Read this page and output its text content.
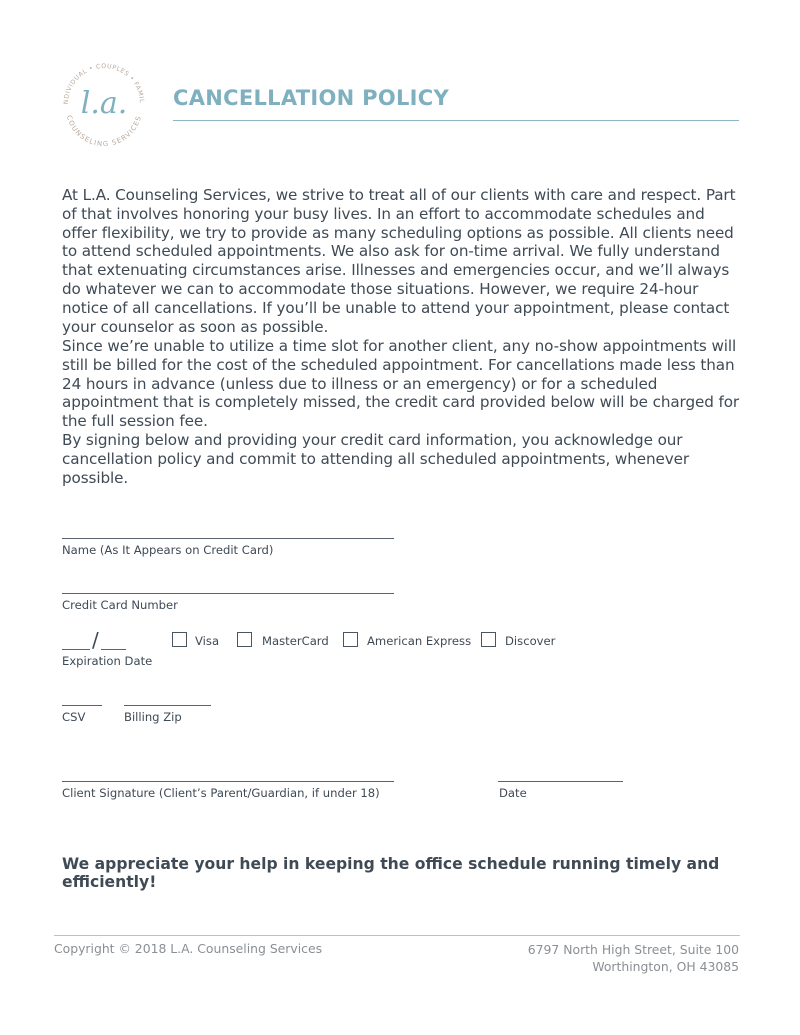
NDIVIDUAL • COUPLES • FAMIL
COUNSELING SERVICES
l.a. CANCELLATION POLICY
At L.A. Counseling Services, we strive to treat all of our clients with care and respect. Part of that involves honoring your busy lives. In an effort to accommodate schedules and offer flexibility, we try to provide as many scheduling options as possible. All clients need to attend scheduled appointments. We also ask for on-time arrival. We fully understand that extenuating circumstances arise. Illnesses and emergencies occur, and we’ll always do whatever we can to accommodate those situations. However, we require 24-hour notice of all cancellations. If you’ll be unable to attend your appointment, please contact your counselor as soon as possible.
Since we’re unable to utilize a time slot for another client, any no-show appointments will still be billed for the cost of the scheduled appointment. For cancellations made less than 24 hours in advance (unless due to illness or an emergency) or for a scheduled appointment that is completely missed, the credit card provided below will be charged for the full session fee.
By signing below and providing your credit card information, you acknowledge our cancellation policy and commit to attending all scheduled appointments, whenever possible.
Name (As It Appears on Credit Card)
Credit Card Number
/
Expiration Date
Visa	MasterCard	American Express	Discover
CSV	Billing Zip
Client Signature (Client’s Parent/Guardian, if under 18)	Date
We appreciate your help in keeping the office schedule running timely and efficiently!
Copyright © 2018 L.A. Counseling Services	6797 North High Street, Suite 100
Worthington, OH 43085
